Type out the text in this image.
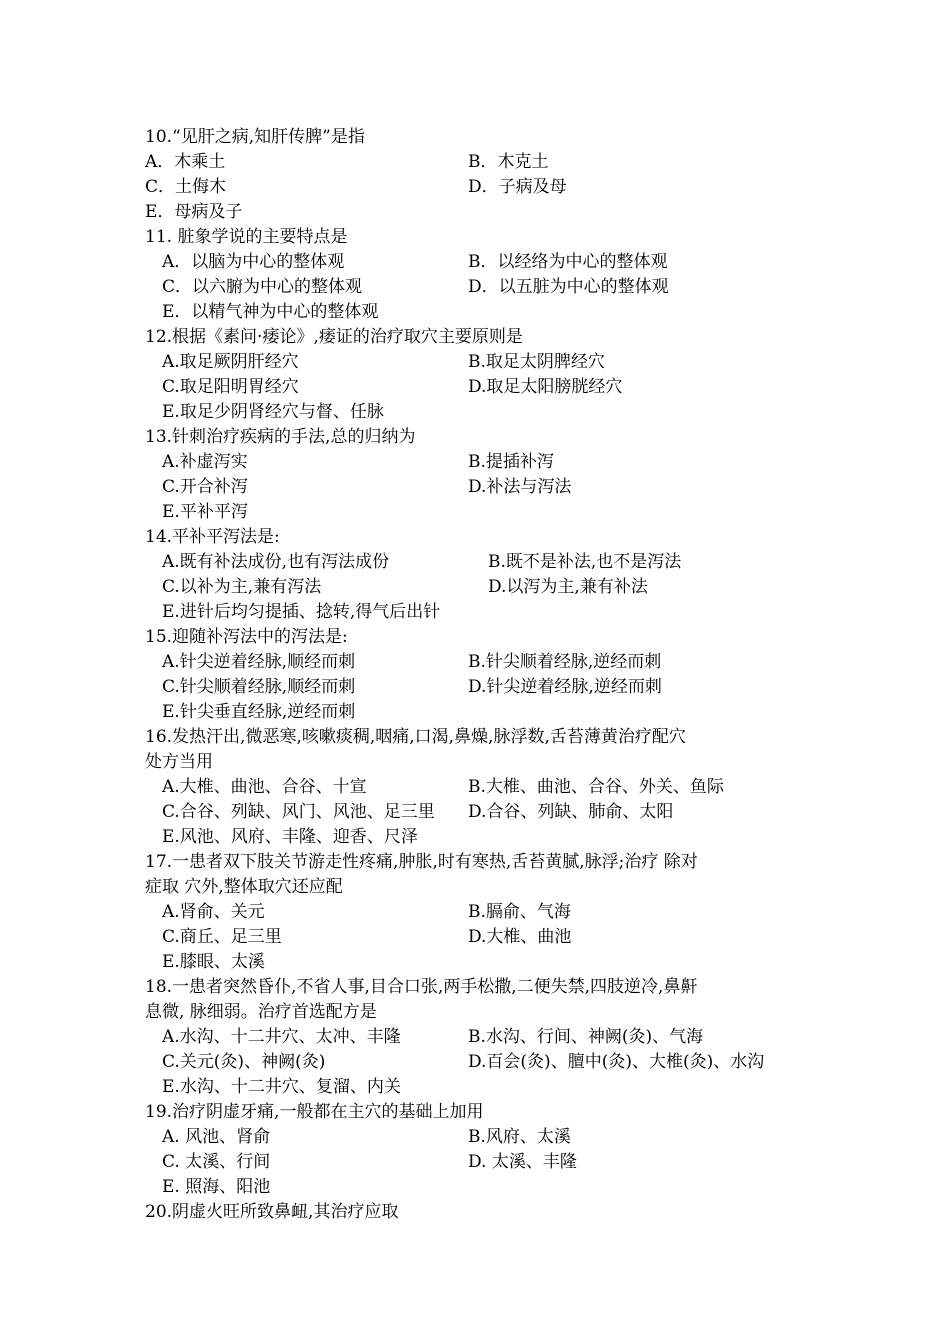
10.“见肝之病,知肝传脾”是指
A．木乘土	B．木克土
C．土侮木	D．子病及母
E．母病及子
11. 脏象学说的主要特点是
A．以脑为中心的整体观	B．以经络为中心的整体观
C．以六腑为中心的整体观	D．以五脏为中心的整体观
E．以精气神为中心的整体观
12.根据《素问·痿论》,痿证的治疗取穴主要原则是
A.取足厥阴肝经穴	B.取足太阴脾经穴
C.取足阳明胃经穴	D.取足太阳膀胱经穴
E.取足少阴肾经穴与督、任脉
13.针刺治疗疾病的手法,总的归纳为
A.补虚泻实	B.提插补泻
C.开合补泻	D.补法与泻法
E.平补平泻
14.平补平泻法是:
A.既有补法成份,也有泻法成份	B.既不是补法,也不是泻法
C.以补为主,兼有泻法	D.以泻为主,兼有补法
E.进针后均匀提插、捻转,得气后出针
15.迎随补泻法中的泻法是:
A.针尖逆着经脉,顺经而刺	B.针尖顺着经脉,逆经而刺
C.针尖顺着经脉,顺经而刺	D.针尖逆着经脉,逆经而刺
E.针尖垂直经脉,逆经而刺
16.发热汗出,微恶寒,咳嗽痰稠,咽痛,口渴,鼻燥,脉浮数,舌苔薄黄治疗配穴
处方当用
A.大椎、曲池、合谷、十宣	B.大椎、曲池、合谷、外关、鱼际
C.合谷、列缺、风门、风池、足三里 D.合谷、列缺、肺俞、太阳
E.风池、风府、丰隆、迎香、尺泽
17.一患者双下肢关节游走性疼痛,肿胀,时有寒热,舌苔黄腻,脉浮;治疗 除对
症取 穴外,整体取穴还应配
A.肾俞、关元	B.膈俞、气海
C.商丘、足三里	D.大椎、曲池
E.膝眼、太溪
18.一患者突然昏仆,不省人事,目合口张,两手松撒,二便失禁,四肢逆冷,鼻鼾
息微, 脉细弱。治疗首选配方是
A.水沟、十二井穴、太冲、丰隆	B.水沟、行间、神阙(灸)、气海
C.关元(灸)、神阙(灸)	D.百会(灸)、膻中(灸)、大椎(灸)、水沟
E.水沟、十二井穴、复溜、内关
19.治疗阴虚牙痛,一般都在主穴的基础上加用
A. 风池、肾俞	B.风府、太溪
C. 太溪、行间	D. 太溪、丰隆
E. 照海、阳池
20.阴虚火旺所致鼻衄,其治疗应取
